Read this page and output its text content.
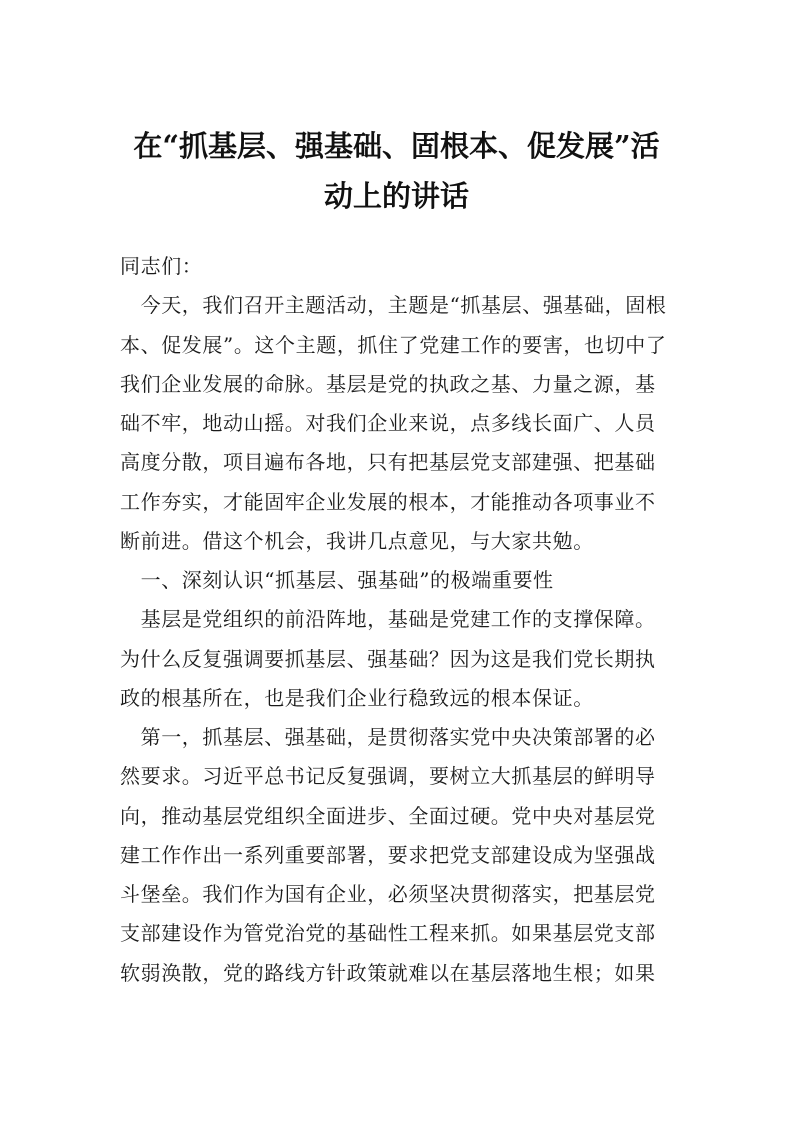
在“抓基层、强基础、固根本、促发展”活
动上的讲话
同志们：
　今天，我们召开主题活动，主题是“抓基层、强基础，固根
本、促发展”。这个主题，抓住了党建工作的要害，也切中了
我们企业发展的命脉。基层是党的执政之基、力量之源，基
础不牢，地动山摇。对我们企业来说，点多线长面广、人员
高度分散，项目遍布各地，只有把基层党支部建强、把基础
工作夯实，才能固牢企业发展的根本，才能推动各项事业不
断前进。借这个机会，我讲几点意见，与大家共勉。
　一、深刻认识“抓基层、强基础”的极端重要性
　基层是党组织的前沿阵地，基础是党建工作的支撑保障。
为什么反复强调要抓基层、强基础？因为这是我们党长期执
政的根基所在，也是我们企业行稳致远的根本保证。
　第一，抓基层、强基础，是贯彻落实党中央决策部署的必
然要求。习近平总书记反复强调，要树立大抓基层的鲜明导
向，推动基层党组织全面进步、全面过硬。党中央对基层党
建工作作出一系列重要部署，要求把党支部建设成为坚强战
斗堡垒。我们作为国有企业，必须坚决贯彻落实，把基层党
支部建设作为管党治党的基础性工程来抓。如果基层党支部
软弱涣散，党的路线方针政策就难以在基层落地生根；如果
